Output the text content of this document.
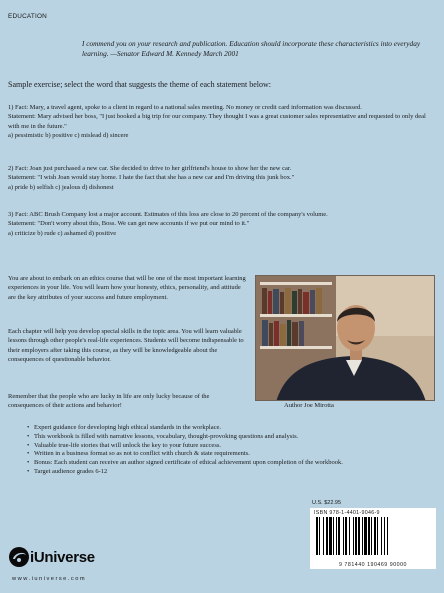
EDUCATION
I commend you on your research and publication. Education should incorporate these characteristics into everyday learning. —Senator Edward M. Kennedy March 2001
Sample exercise; select the word that suggests the theme of each statement below:

1) Fact: Mary, a travel agent, spoke to a client in regard to a national sales meeting. No money or credit card information was discussed.

Statement: Mary advised her boss, "I just booked a big trip for our company. They thought I was a great customer sales representative and requested to only deal with me in the future."

a) pessimistic b) positive c) mislead d) sincere

2) Fact: Joan just purchased a new car. She decided to drive to her girlfriend's house to show her the new car.

Statement: "I wish Joan would stay home. I hate the fact that she has a new car and I'm driving this junk box."

a) pride b) selfish c) jealous d) dishonest

3) Fact: ABC Brush Company lost a major account. Estimates of this loss are close to 20 percent of the company's volume.

Statement: "Don't worry about this, Boss. We can get new accounts if we put our mind to it."

a) criticize b) rude c) ashamed d) positive

You are about to embark on an ethics course that will be one of the most important learning experiences in your life. You will learn how your honesty, ethics, personality, and attitude are the key attributes of your success and future employment.

Each chapter will help you develop special skills in the topic area. You will learn valuable lessons through other people's real-life experiences. Students will become indispensable to their employers after taking this course, as they will be knowledgeable about the consequences of questionable behavior.

Remember that the people who are lucky in life are only lucky because of the consequences of their actions and behavior!	Author Joe Mirotta
• Expert guidance for developing high ethical standards in the workplace.
• This workbook is filled with narrative lessons, vocabulary, thought-provoking questions and analysis.
• Valuable true-life stories that will unlock the key to your future success.
• Written in a business format so as not to conflict with church & state requirements.
• Bonus: Each student can receive an author signed certificate of ethical achievement upon completion of the workbook.
• Target audience grades 6-12
U.S. $22.95
ISBN 978-1-4401-9046-9
9 781440 190469 90000
iUniverse
www.iuniverse.com
